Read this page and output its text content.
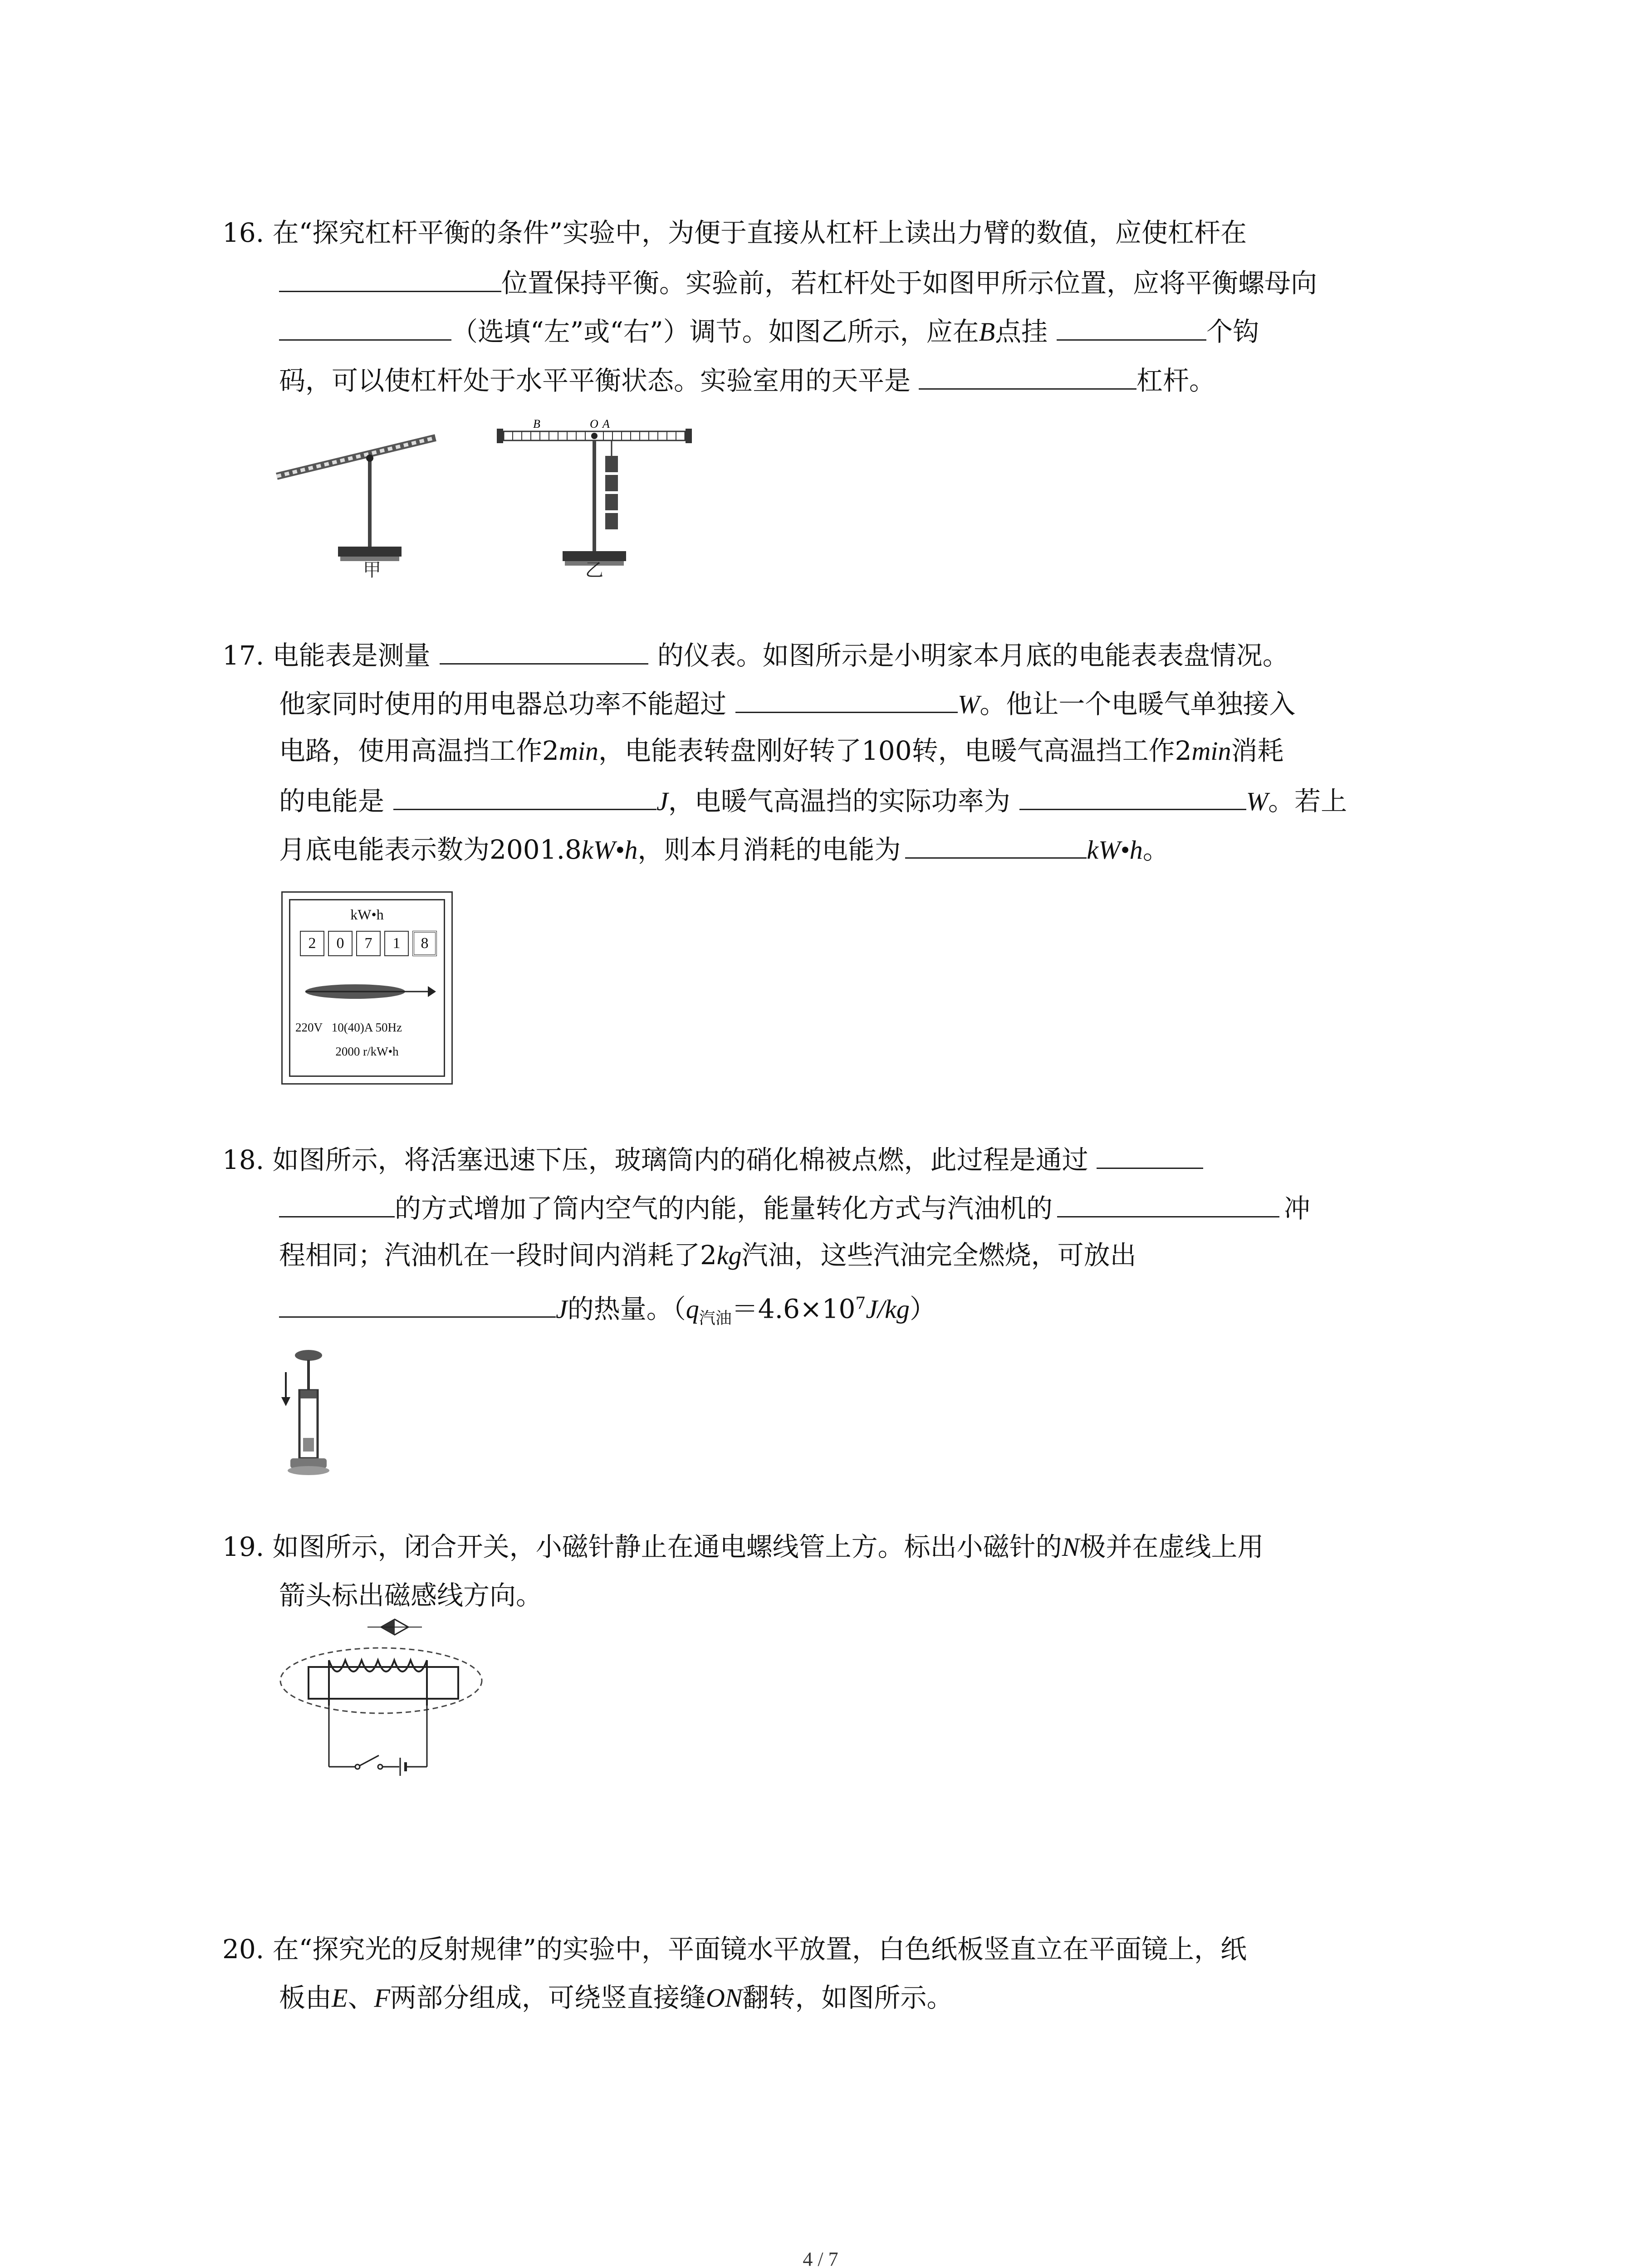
16. 在“探究杠杆平衡的条件”实验中，为便于直接从杠杆上读出力臂的数值，应使杠杆在
位置保持平衡。实验前，若杠杆处于如图甲所示位置，应将平衡螺母向
（选填“左”或“右”）调节。如图乙所示，应在B点挂	个钩
码，可以使杠杆处于水平平衡状态。实验室用的天平是	杠杆。
甲
B	O A
乙
17. 电能表是测量	的仪表。如图所示是小明家本月底的电能表表盘情况。
他家同时使用的用电器总功率不能超过	W。他让一个电暖气单独接入
电路，使用高温挡工作2min，电能表转盘刚好转了100转，电暖气高温挡工作2min消耗
的电能是	J，电暖气高温挡的实际功率为	W。若上
月底电能表示数为2001.8kW•h，则本月消耗的电能为	kW•h。
kW•h
2	0	7	1	8
220V   10(40)A 50Hz
2000 r/kW•h
18. 如图所示，将活塞迅速下压，玻璃筒内的硝化棉被点燃，此过程是通过
的方式增加了筒内空气的内能，能量转化方式与汽油机的	冲
程相同；汽油机在一段时间内消耗了2kg汽油，这些汽油完全燃烧，可放出
J的热量。$(q_{汽油}=4.6\times 10^7J/kg)$
19. 如图所示，闭合开关，小磁针静止在通电螺线管上方。标出小磁针的N极并在虚线上用
箭头标出磁感线方向。
20. 在“探究光的反射规律”的实验中，平面镜水平放置，白色纸板竖直立在平面镜上，纸
板由E、F两部分组成，可绕竖直接缝ON翻转，如图所示。
4 / 7
